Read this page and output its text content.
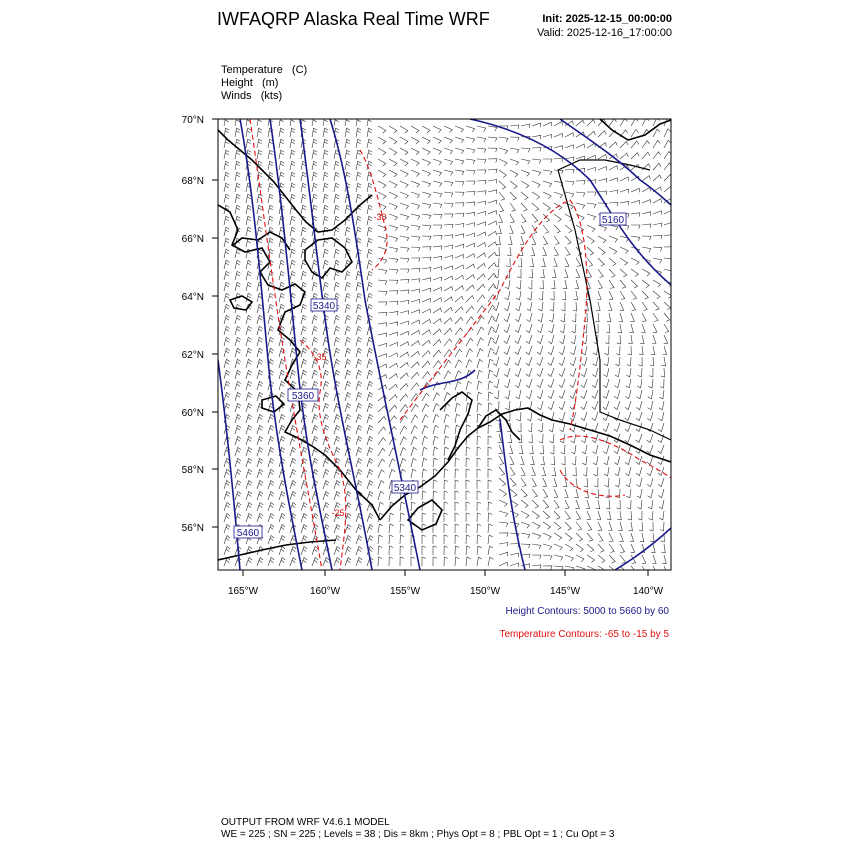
IWFAQRP Alaska Real Time WRF	Init: 2025-12-15_00:00:00
Valid: 2025-12-16_17:00:00
Temperature   (C)
Height   (m)
Winds   (kts)
5160
5340
5360
5340
5460
-30
-35
-25
70°N
68°N
66°N
64°N
62°N
60°N
58°N
56°N
165°W	160°W	155°W	150°W	145°W	140°W
Height Contours: 5000 to 5660 by 60
Temperature Contours: -65 to -15 by 5
OUTPUT FROM WRF V4.6.1 MODEL
WE = 225 ; SN = 225 ; Levels = 38 ; Dis = 8km ; Phys Opt = 8 ; PBL Opt = 1 ; Cu Opt = 3
